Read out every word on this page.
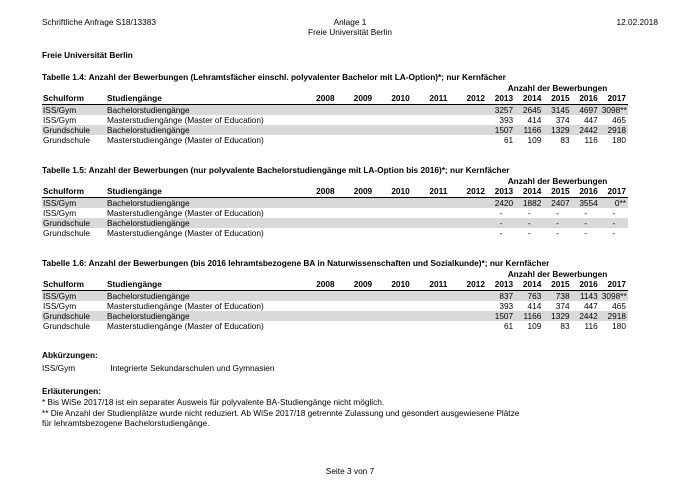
Schriftliche Anfrage S18/13383	Anlage 1
Freie Universität Berlin
12.02.2018
Freie Universität Berlin
Tabelle 1.4: Anzahl der Bewerbungen (Lehramtsfächer einschl. polyvalenter Bachelor mit LA-Option)*; nur Kernfächer
							Anzahl der Bewerbungen				
Schulform	Studiengänge	2008	2009	2010	2011	2012	2013	2014	2015	2016	2017
ISS/Gym	Bachelorstudiengänge						3257	2645	3145	4697	3098**
ISS/Gym	Masterstudiengänge (Master of Education)						393	414	374	447	465
Grundschule	Bachelorstudiengänge						1507	1166	1329	2442	2918
Grundschule	Masterstudiengänge (Master of Education)						61	109	83	116	180
Tabelle 1.5: Anzahl der Bewerbungen (nur polyvalente Bachelorstudiengänge mit LA-Option bis 2016)*; nur Kernfächer
							Anzahl der Bewerbungen				
Schulform	Studiengänge	2008	2009	2010	2011	2012	2013	2014	2015	2016	2017
ISS/Gym	Bachelorstudiengänge						2420	1882	2407	3554	0**
ISS/Gym	Masterstudiengänge (Master of Education)						-	-	-	-	-
Grundschule	Bachelorstudiengänge						-	-	-	-	-
Grundschule	Masterstudiengänge (Master of Education)						-	-	-	-	-
Tabelle 1.6: Anzahl der Bewerbungen (bis 2016 lehramtsbezogene BA in Naturwissenschaften und Sozialkunde)*; nur Kernfächer
							Anzahl der Bewerbungen				
Schulform	Studiengänge	2008	2009	2010	2011	2012	2013	2014	2015	2016	2017
ISS/Gym	Bachelorstudiengänge						837	763	738	1143	3098**
ISS/Gym	Masterstudiengänge (Master of Education)						393	414	374	447	465
Grundschule	Bachelorstudiengänge						1507	1166	1329	2442	2918
Grundschule	Masterstudiengänge (Master of Education)						61	109	83	116	180
Abkürzungen:
ISS/Gym	Integrierte Sekundarschulen und Gymnasien
Erläuterungen:
* Bis WiSe 2017/18 ist ein separater Ausweis für polyvalente BA-Studiengänge nicht möglich.
** Die Anzahl der Studienplätze wurde nicht reduziert. Ab WiSe 2017/18 getrennte Zulassung und gesondert ausgewiesene Plätze
für lehramtsbezogene Bachelorstudiengänge.
Seite 3 von 7
